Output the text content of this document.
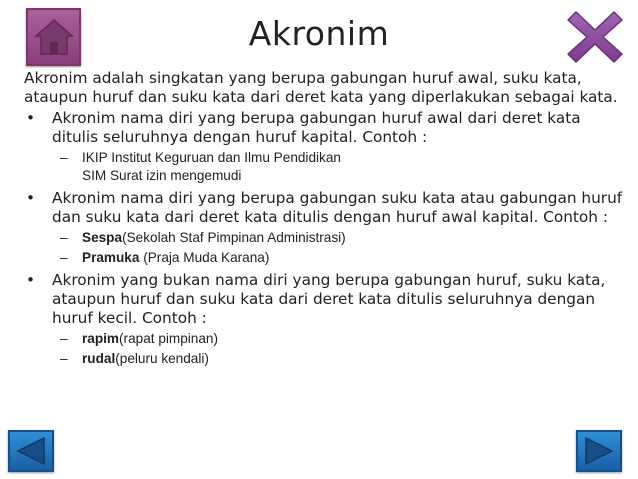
Akronim

Akronim adalah singkatan yang berupa gabungan huruf awal, suku kata, ataupun huruf dan suku kata dari deret kata yang diperlakukan sebagai kata.

• Akronim nama diri yang berupa gabungan huruf awal dari deret kata ditulis seluruhnya dengan huruf kapital. Contoh :
–	IKIP Institut Keguruan dan Ilmu Pendidikan
SIM Surat izin mengemudi
• Akronim nama diri yang berupa gabungan suku kata atau gabungan huruf dan suku kata dari deret kata ditulis dengan huruf awal kapital. Contoh :
–	Sespa(Sekolah Staf Pimpinan Administrasi)
–	Pramuka (Praja Muda Karana)
• Akronim yang bukan nama diri yang berupa gabungan huruf, suku kata, ataupun huruf dan suku kata dari deret kata ditulis seluruhnya dengan huruf kecil. Contoh :
–	rapim(rapat pimpinan)
–	rudal(peluru kendali)
